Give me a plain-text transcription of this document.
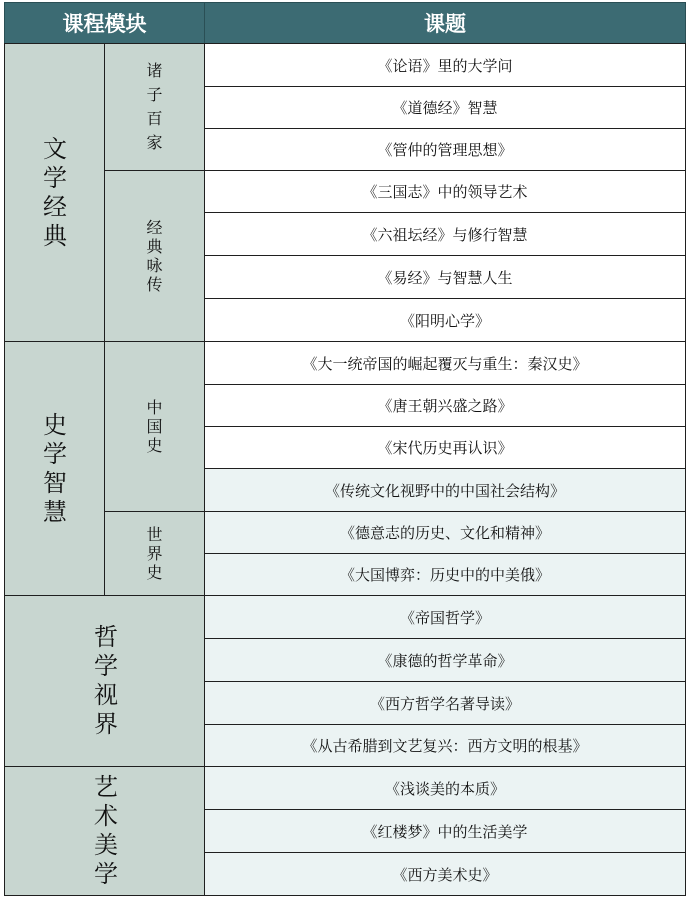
课程模块	课题
《论语》里的大学问
《道德经》智慧
《管仲的管理思想》
诸
子
百
家
《三国志》中的领导艺术
《六祖坛经》与修行智慧
《易经》与智慧人生
《阳明心学》
经
典
咏
传
文
学
经
典
《大一统帝国的崛起覆灭与重生：秦汉史》
《唐王朝兴盛之路》
《宋代历史再认识》
《传统文化视野中的中国社会结构》
中
国
史
《德意志的历史、文化和精神》
《大国博弈：历史中的中美俄》
世
界
史
史
学
智
慧
《帝国哲学》
《康德的哲学革命》
《西方哲学名著导读》
《从古希腊到文艺复兴：西方文明的根基》
哲
学
视
界
《浅谈美的本质》
《红楼梦》中的生活美学
《西方美术史》
艺
术
美
学
